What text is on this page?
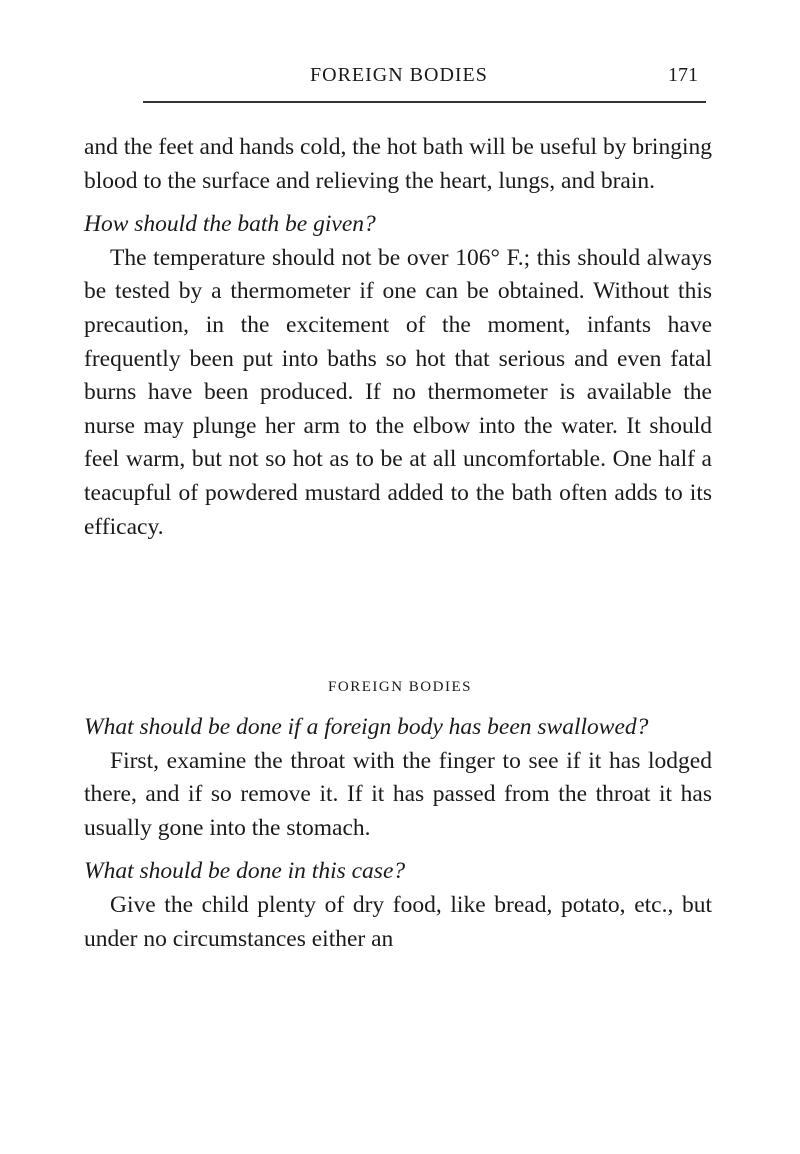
FOREIGN BODIES	171

and the feet and hands cold, the hot bath will be useful by bringing blood to the surface and relieving the heart, lungs, and brain.

How should the bath be given?

The temperature should not be over 106° F.; this should always be tested by a thermometer if one can be obtained. Without this precaution, in the excitement of the moment, infants have frequently been put into baths so hot that serious and even fatal burns have been produced. If no thermometer is available the nurse may plunge her arm to the elbow into the water. It should feel warm, but not so hot as to be at all uncomfortable. One half a teacupful of powdered mustard added to the bath often adds to its efficacy.

FOREIGN BODIES

What should be done if a foreign body has been swallowed?

First, examine the throat with the finger to see if it has lodged there, and if so remove it. If it has passed from the throat it has usually gone into the stomach.

What should be done in this case?

Give the child plenty of dry food, like bread, potato, etc., but under no circumstances either an
